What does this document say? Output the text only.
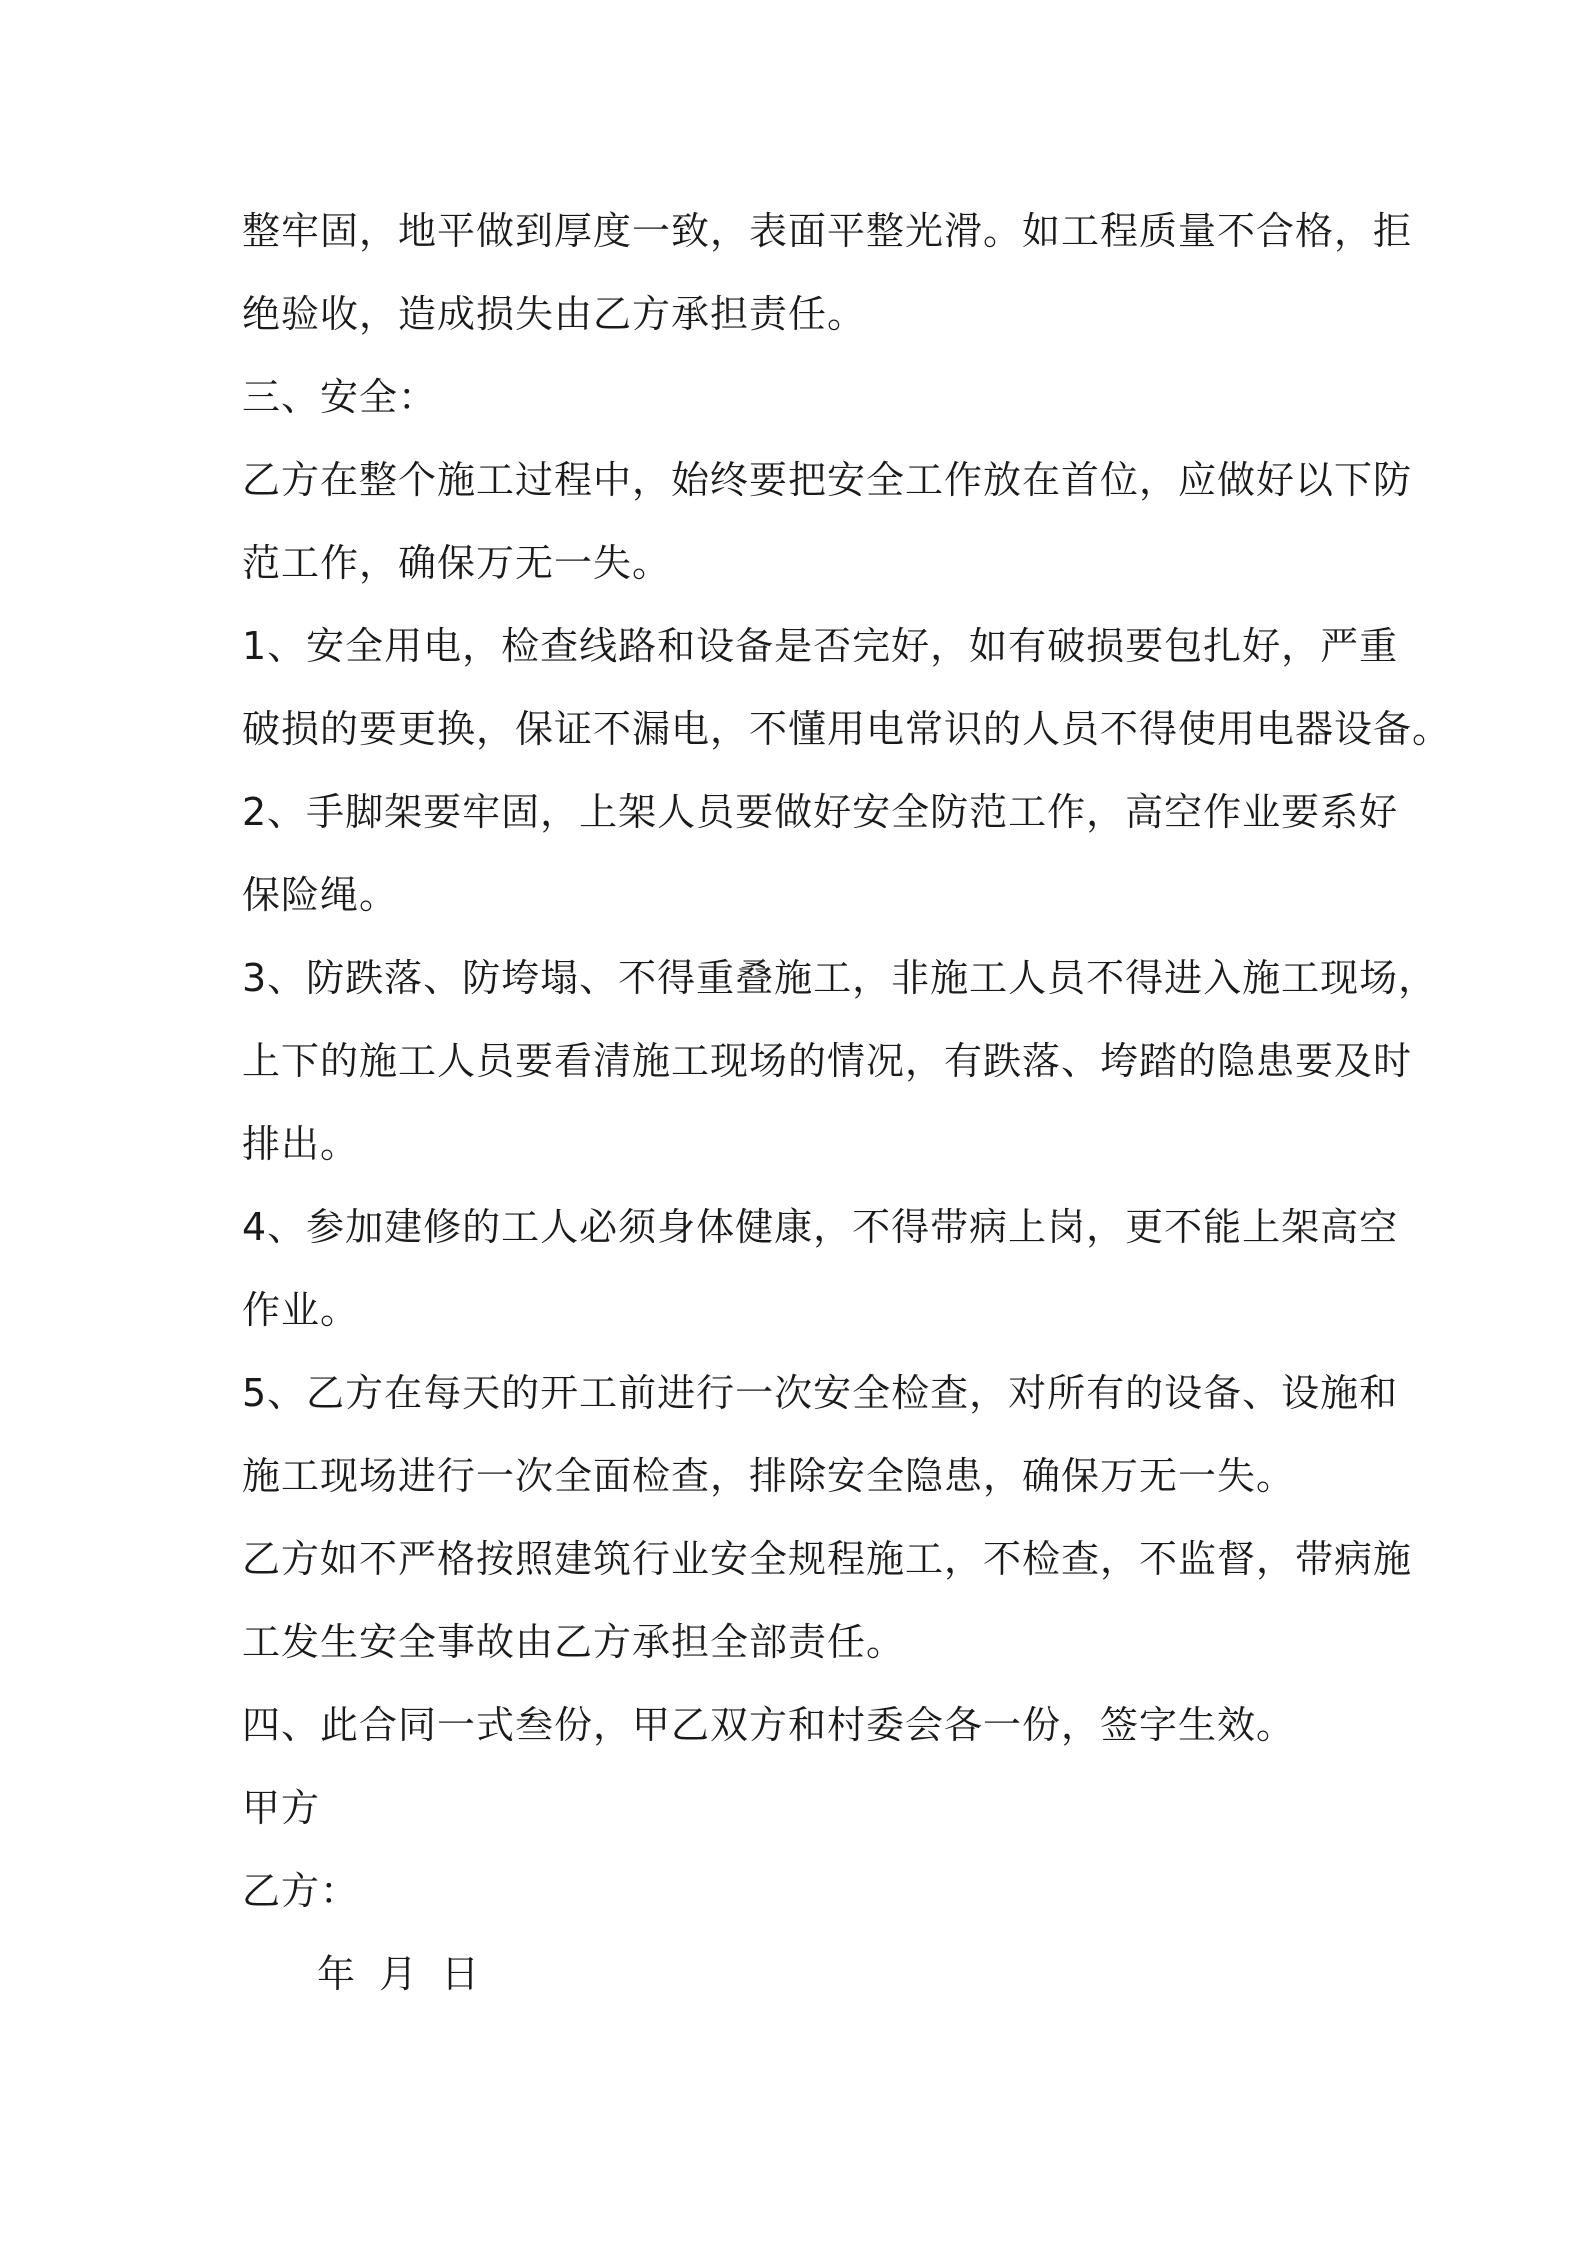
整牢固，地平做到厚度一致，表面平整光滑。如工程质量不合格，拒

绝验收，造成损失由乙方承担责任。

三、安全：

乙方在整个施工过程中，始终要把安全工作放在首位，应做好以下防

范工作，确保万无一失。

1、安全用电，检查线路和设备是否完好，如有破损要包扎好，严重

破损的要更换，保证不漏电，不懂用电常识的人员不得使用电器设备。

2、手脚架要牢固，上架人员要做好安全防范工作，高空作业要系好

保险绳。

3、防跌落、防垮塌、不得重叠施工，非施工人员不得进入施工现场，

上下的施工人员要看清施工现场的情况，有跌落、垮踏的隐患要及时

排出。

4、参加建修的工人必须身体健康，不得带病上岗，更不能上架高空

作业。

5、乙方在每天的开工前进行一次安全检查，对所有的设备、设施和

施工现场进行一次全面检查，排除安全隐患，确保万无一失。

乙方如不严格按照建筑行业安全规程施工，不检查，不监督，带病施

工发生安全事故由乙方承担全部责任。

四、此合同一式叁份，甲乙双方和村委会各一份，签字生效。

甲方

乙方：

年 月 日
